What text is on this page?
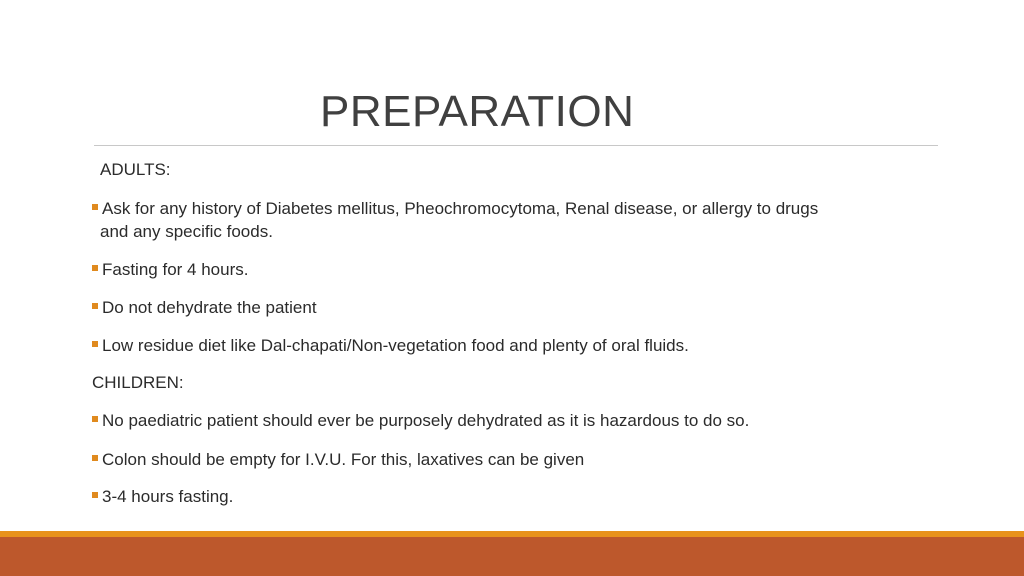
PREPARATION
ADULTS:
Ask for any history of Diabetes mellitus, Pheochromocytoma, Renal disease, or allergy to drugs
and any specific foods.
Fasting for 4 hours.
Do not dehydrate the patient
Low residue diet like Dal-chapati/Non-vegetation food and plenty of oral fluids.
CHILDREN:
No paediatric patient should ever be purposely dehydrated as it is hazardous to do so.
Colon should be empty for I.V.U. For this, laxatives can be given
3-4 hours fasting.
